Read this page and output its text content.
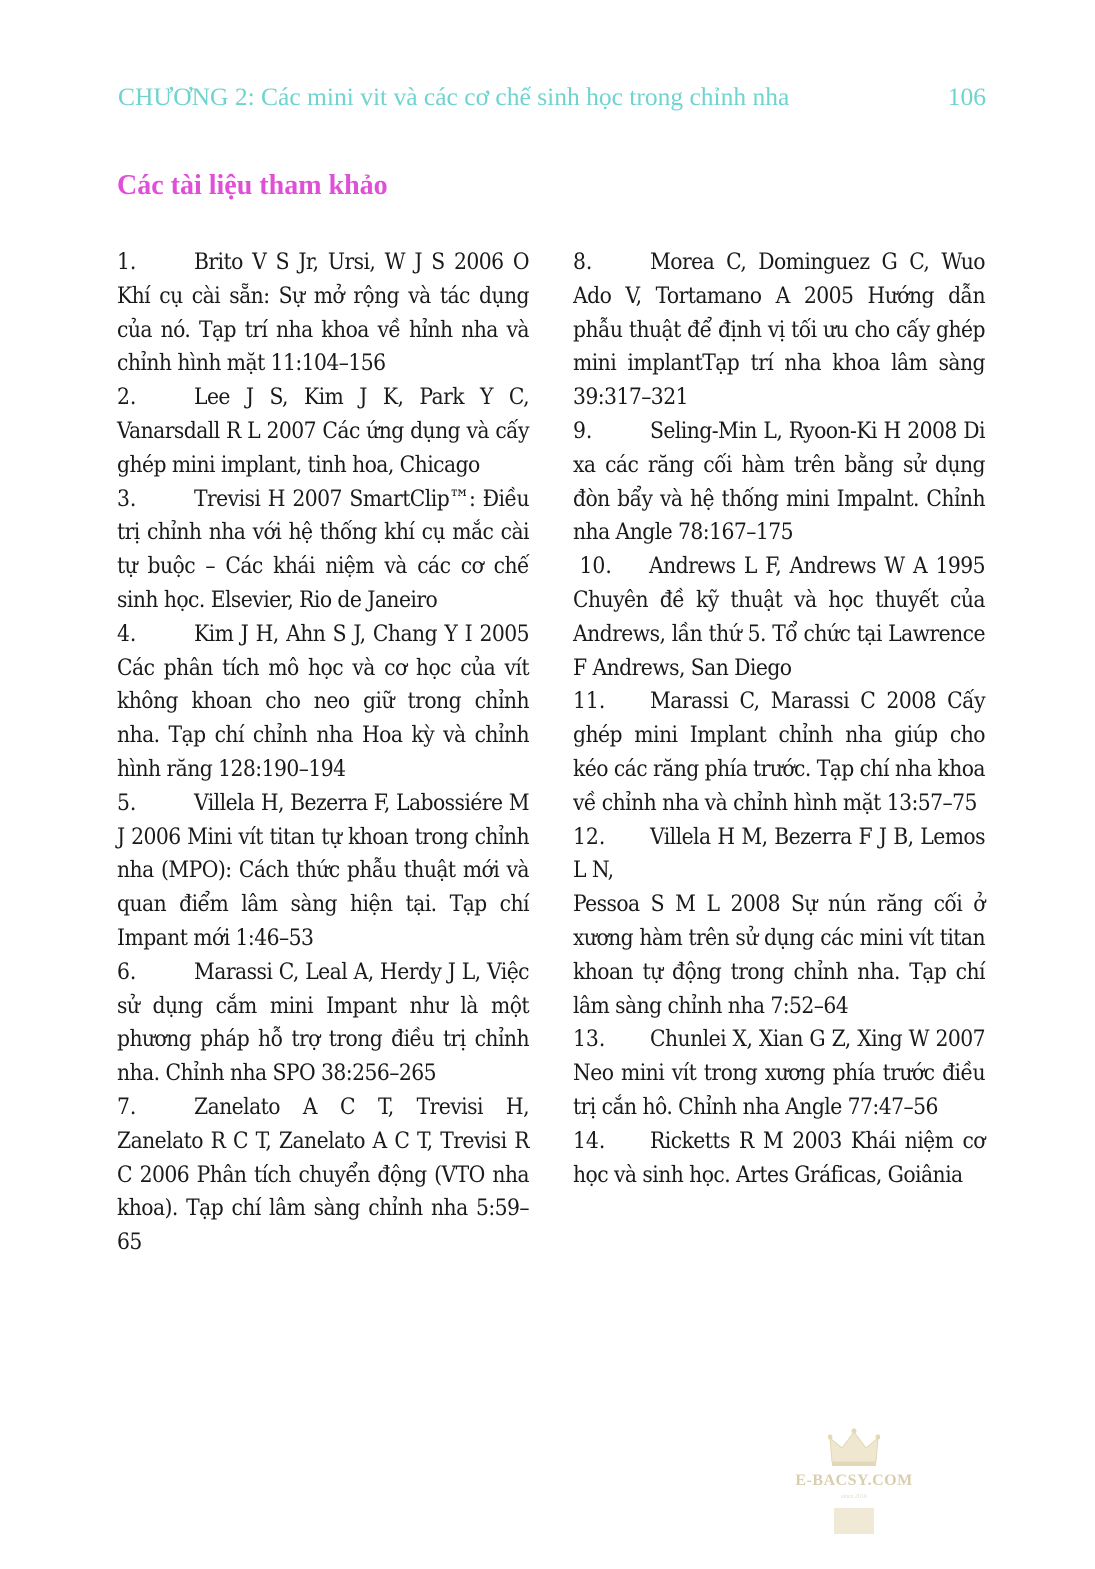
CHƯƠNG 2: Các mini vit và các cơ chế sinh học trong chỉnh nha	106
Các tài liệu tham khảo

1.	Brito V S Jr, Ursi, W J S 2006 O Khí cụ cài sẵn: Sự mở rộng và tác dụng của nó. Tạp trí nha khoa về hỉnh nha và chỉnh hình mặt 11:104–156

2.	Lee J S, Kim J K, Park Y C, Vanarsdall R L 2007 Các ứng dụng và cấy ghép mini implant, tinh hoa, Chicago

3.	Trevisi H 2007 SmartClip™: Điều trị chỉnh nha với hệ thống khí cụ mắc cài tự buộc – Các khái niệm và các cơ chế sinh học. Elsevier, Rio de Janeiro

4.	Kim J H, Ahn S J, Chang Y I 2005 Các phân tích mô học và cơ học của vít không khoan cho neo giữ trong chỉnh nha. Tạp chí chỉnh nha Hoa kỳ và chỉnh hình răng 128:190–194

5.	Villela H, Bezerra F, Labossiére M J 2006 Mini vít titan tự khoan trong chỉnh nha (MPO): Cách thức phẫu thuật mới và quan điểm lâm sàng hiện tại. Tạp chí Impant mới 1:46–53

6.	Marassi C, Leal A, Herdy J L, Việc sử dụng cắm mini Impant như là một phương pháp hỗ trợ trong điều trị chỉnh nha. Chỉnh nha SPO 38:256–265

7.	Zanelato A C T, Trevisi H, Zanelato R C T, Zanelato A C T, Trevisi R C 2006 Phân tích chuyển động (VTO nha khoa). Tạp chí lâm sàng chỉnh nha 5:59–65

8.	Morea C, Dominguez G C, Wuo Ado V, Tortamano A 2005 Hướng dẫn phẫu thuật để định vị tối ưu cho cấy ghép mini implantTạp trí nha khoa lâm sàng 39:317–321

9.	Seling-Min L, Ryoon-Ki H 2008 Di xa các răng cối hàm trên bằng sử dụng đòn bẩy và hệ thống mini Impalnt. Chỉnh nha Angle 78:167–175

10. Andrews L F, Andrews W A 1995 Chuyên đề kỹ thuật và học thuyết của Andrews, lần thứ 5. Tổ chức tại Lawrence F Andrews, San Diego

11. Marassi C, Marassi C 2008 Cấy ghép mini Implant chỉnh nha giúp cho kéo các răng phía trước. Tạp chí nha khoa về chỉnh nha và chỉnh hình mặt 13:57–75

12. Villela H M, Bezerra F J B, Lemos L N,

Pessoa S M L 2008 Sự nún răng cối ở xương hàm trên sử dụng các mini vít titan khoan tự động trong chỉnh nha. Tạp chí lâm sàng chỉnh nha 7:52–64

13. Chunlei X, Xian G Z, Xing W 2007 Neo mini vít trong xương phía trước điều trị cắn hô. Chỉnh nha Angle 77:47–56

14. Ricketts R M 2003 Khái niệm cơ học và sinh học. Artes Gráficas, Goiânia

E-BACSY.COM
since 2016
